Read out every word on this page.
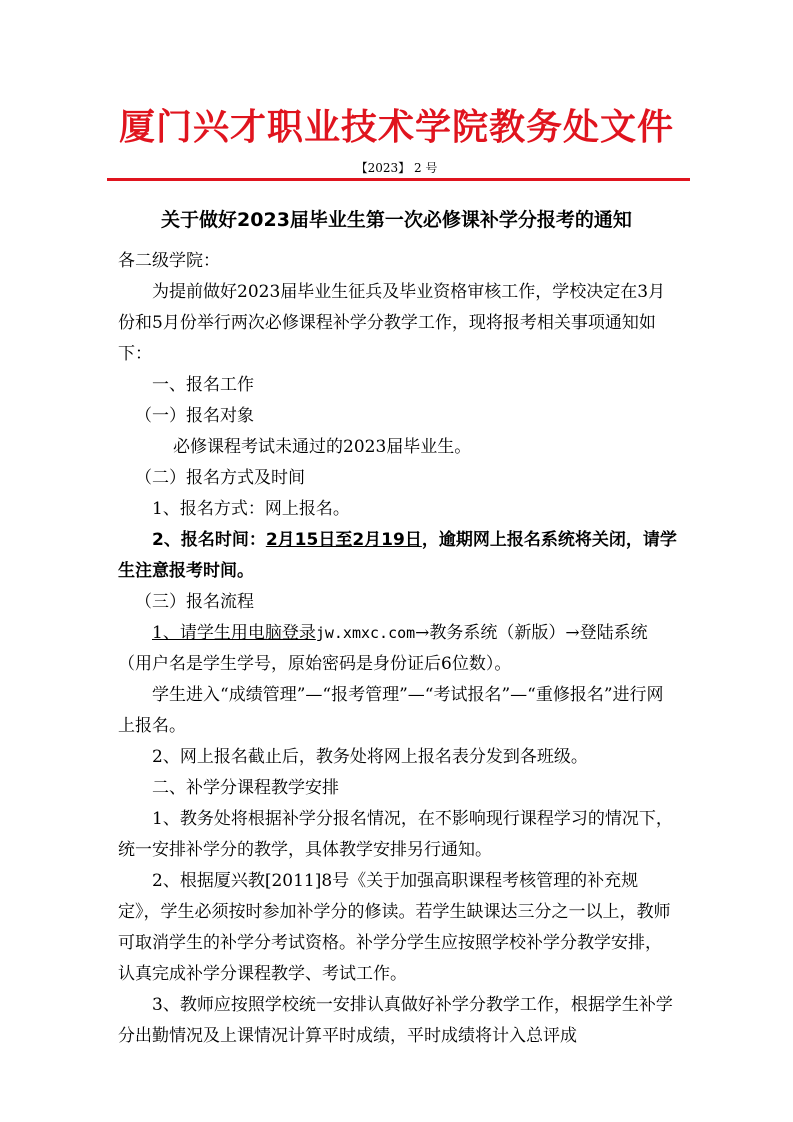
厦门兴才职业技术学院教务处文件
【2023】 2 号
关于做好2023届毕业生第一次必修课补学分报考的通知

各二级学院：

为提前做好2023届毕业生征兵及毕业资格审核工作，学校决定在3月份和5月份举行两次必修课程补学分教学工作，现将报考相关事项通知如下：

一、报名工作

（一）报名对象

必修课程考试未通过的2023届毕业生。

（二）报名方式及时间

1、报名方式：网上报名。

2、报名时间：2月15日至2月19日，逾期网上报名系统将关闭，请学生注意报考时间。

（三）报名流程

1、请学生用电脑登录jw.xmxc.com→教务系统（新版）→登陆系统（用户名是学生学号，原始密码是身份证后6位数）。

学生进入“成绩管理”—“报考管理”—“考试报名”—“重修报名”进行网上报名。

2、网上报名截止后，教务处将网上报名表分发到各班级。

二、补学分课程教学安排

1、教务处将根据补学分报名情况，在不影响现行课程学习的情况下，统一安排补学分的教学，具体教学安排另行通知。

2、根据厦兴教[2011]8号《关于加强高职课程考核管理的补充规定》，学生必须按时参加补学分的修读。若学生缺课达三分之一以上，教师可取消学生的补学分考试资格。补学分学生应按照学校补学分教学安排，认真完成补学分课程教学、考试工作。

3、教师应按照学校统一安排认真做好补学分教学工作，根据学生补学分出勤情况及上课情况计算平时成绩，平时成绩将计入总评成
